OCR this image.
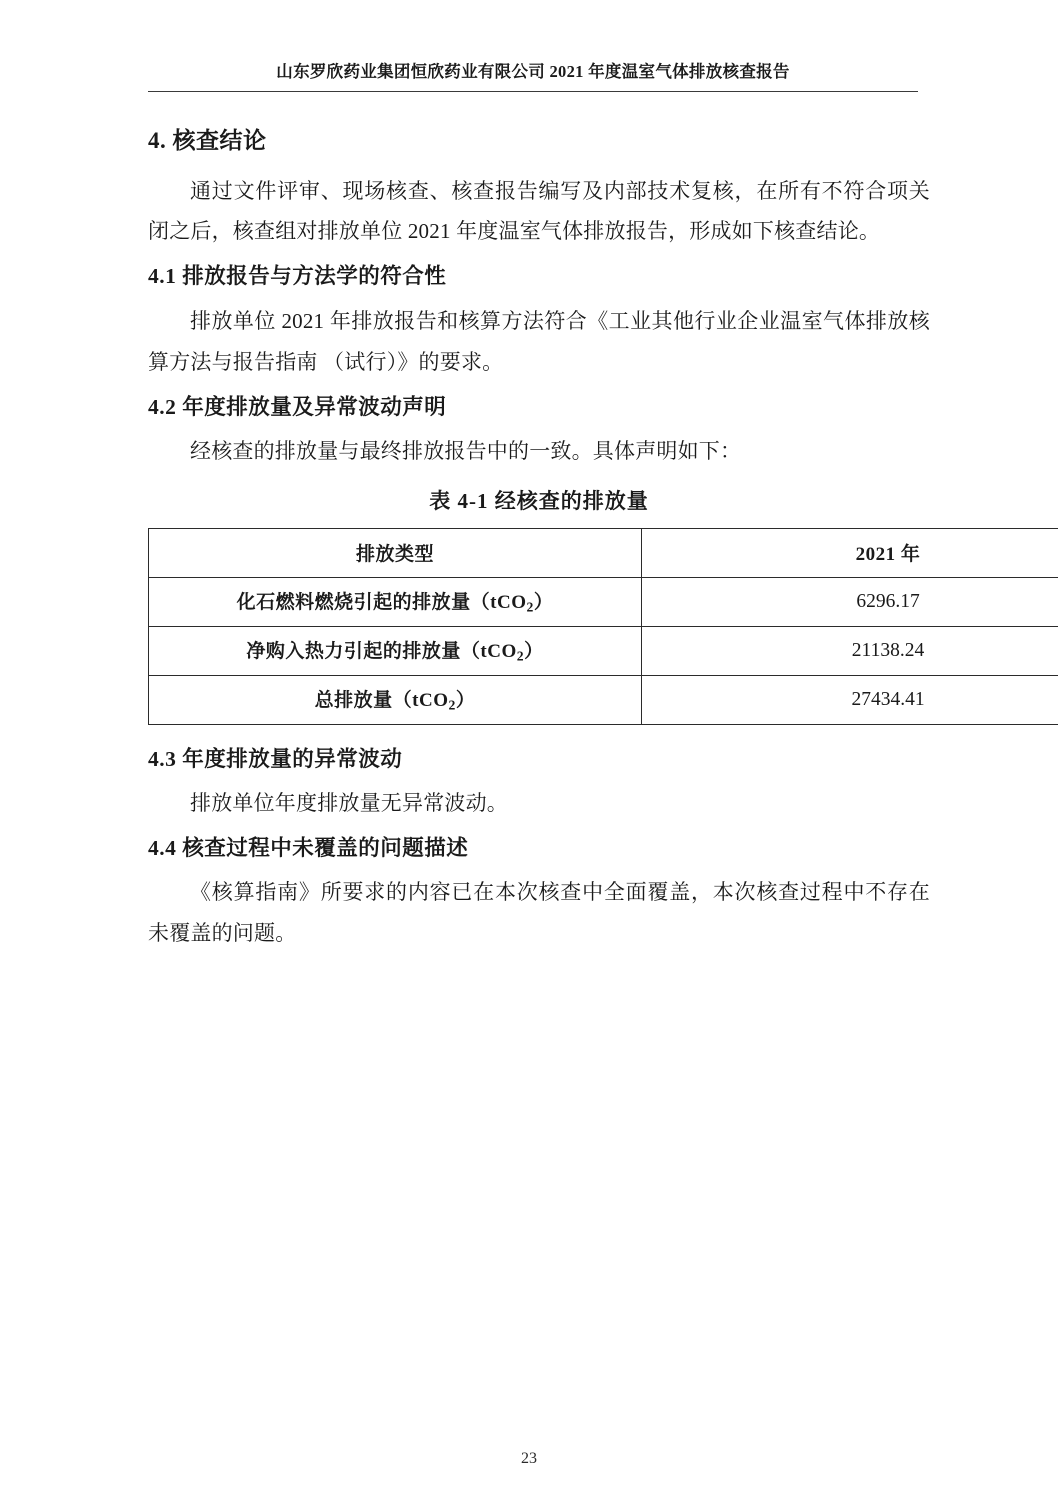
山东罗欣药业集团恒欣药业有限公司 2021 年度温室气体排放核查报告
4. 核查结论

通过文件评审、现场核查、核查报告编写及内部技术复核，在所有不符合项关闭之后，核查组对排放单位 2021 年度温室气体排放报告，形成如下核查结论。

4.1 排放报告与方法学的符合性

排放单位 2021 年排放报告和核算方法符合《工业其他行业企业温室气体排放核算方法与报告指南 （试行）》的要求。

4.2 年度排放量及异常波动声明

经核查的排放量与最终排放报告中的一致。具体声明如下：

表 4-1 经核查的排放量

排放类型	2021 年
化石燃料燃烧引起的排放量（tCO$_2$）	6296.17
净购入热力引起的排放量（tCO$_2$）	21138.24
总排放量（tCO$_2$）	27434.41
4.3 年度排放量的异常波动

排放单位年度排放量无异常波动。

4.4 核查过程中未覆盖的问题描述

《核算指南》所要求的内容已在本次核查中全面覆盖，本次核查过程中不存在未覆盖的问题。

23
